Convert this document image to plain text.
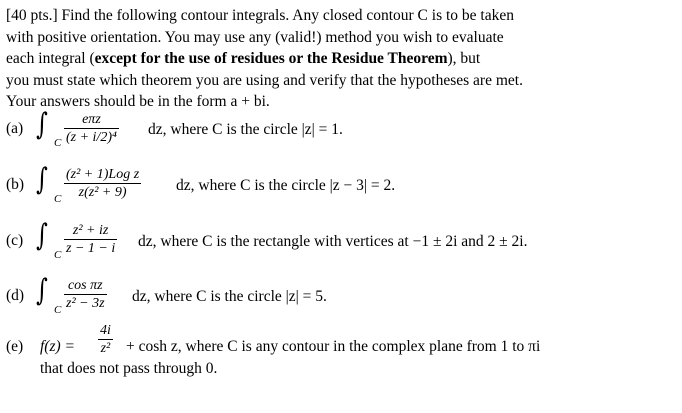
[40 pts.] Find the following contour integrals. Any closed contour C is to be taken
with positive orientation. You may use any (valid!) method you wish to evaluate
each integral (except for the use of residues or the Residue Theorem), but
you must state which theorem you are using and verify that the hypotheses are met.
Your answers should be in the form a + bi.
(a) ∫
C
eπz
(z + i/2)⁴ dz, where C is the circle |z| = 1.
(b) ∫
C
(z² + 1)Log z
z(z² + 9)	dz, where C is the circle |z − 3| = 2.
(c) ∫
C
z² + iz
z − 1 − i dz, where C is the rectangle with vertices at −1 ± 2i and 2 ± 2i.
(d) ∫
C
cos πz
z² − 3z dz, where C is the circle |z| = 5.
(e) f(z) =
4i
z² + cosh z, where C is any contour in the complex plane from 1 to πi
that does not pass through 0.
